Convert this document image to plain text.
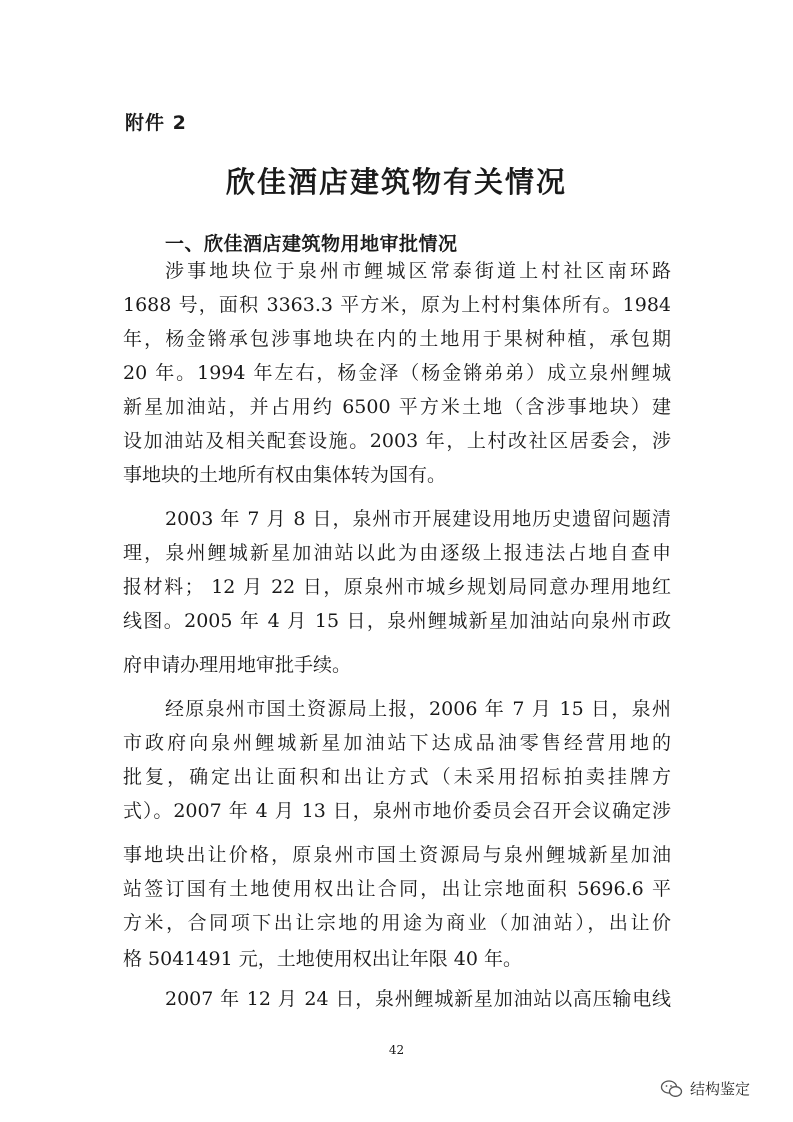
附件 2
欣佳酒店建筑物有关情况
一、欣佳酒店建筑物用地审批情况
涉事地块位于泉州市鲤城区常泰街道上村社区南环路
1688 号，面积 3363.3 平方米，原为上村村集体所有。1984
年，杨金锵承包涉事地块在内的土地用于果树种植，承包期
20 年。1994 年左右，杨金泽（杨金锵弟弟）成立泉州鲤城
新星加油站，并占用约 6500 平方米土地（含涉事地块）建
设加油站及相关配套设施。2003 年，上村改社区居委会，涉
事地块的土地所有权由集体转为国有。
2003 年 7 月 8 日，泉州市开展建设用地历史遗留问题清
理，泉州鲤城新星加油站以此为由逐级上报违法占地自查申
报材料； 12 月 22 日，原泉州市城乡规划局同意办理用地红
线图。2005 年 4 月 15 日，泉州鲤城新星加油站向泉州市政
府申请办理用地审批手续。
经原泉州市国土资源局上报，2006 年 7 月 15 日，泉州
市政府向泉州鲤城新星加油站下达成品油零售经营用地的
批复，确定出让面积和出让方式（未采用招标拍卖挂牌方
式）。2007 年 4 月 13 日，泉州市地价委员会召开会议确定涉
事地块出让价格，原泉州市国土资源局与泉州鲤城新星加油
站签订国有土地使用权出让合同，出让宗地面积 5696.6 平
方米，合同项下出让宗地的用途为商业（加油站），出让价
格 5041491 元，土地使用权出让年限 40 年。
2007 年 12 月 24 日，泉州鲤城新星加油站以高压输电线
42
结构鉴定
